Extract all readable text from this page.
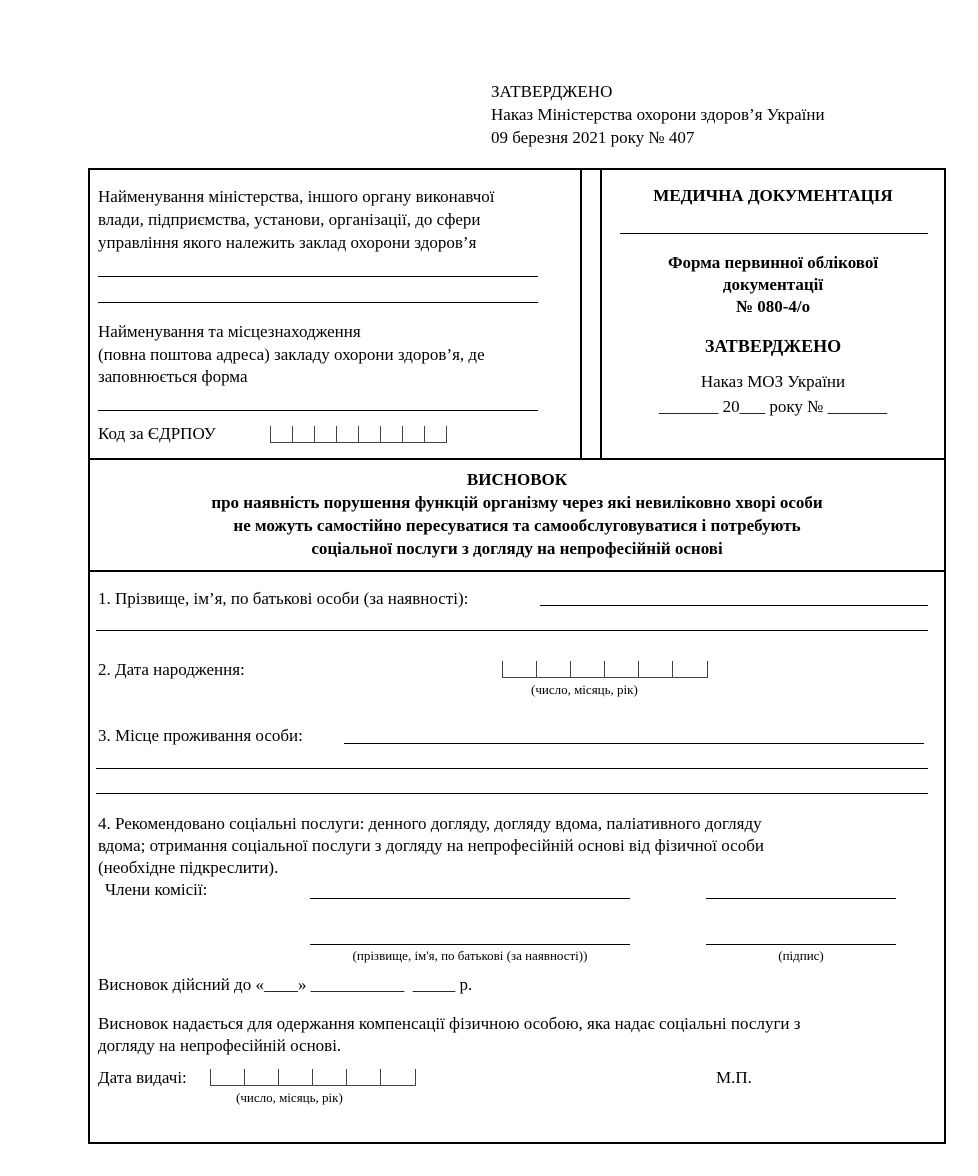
ЗАТВЕРДЖЕНО
Наказ Міністерства охорони здоров’я України
09 березня 2021 року № 407
Найменування міністерства, іншого органу виконавчої
влади, підприємства, установи, організації, до сфери
управління якого належить заклад охорони здоров’я
Найменування та місцезнаходження
(повна поштова адреса) закладу охорони здоров’я, де
заповнюється форма
Код за ЄДРПОУ
МЕДИЧНА ДОКУМЕНТАЦІЯ
Форма первинної облікової
документації
№ 080-4/о
ЗАТВЕРДЖЕНО
Наказ МОЗ України
_______ 20___ року № _______
ВИСНОВОК
про наявність порушення функцій організму через які невиліковно хворі особи
не можуть самостійно пересуватися та самообслуговуватися і потребують
соціальної послуги з догляду на непрофесійній основі
1. Прізвище, ім’я, по батькові особи (за наявності):
2. Дата народження:
(число, місяць, рік)
3. Місце проживання особи:
4. Рекомендовано соціальні послуги: денного догляду, догляду вдома, паліативного догляду
вдома; отримання соціальної послуги з догляду на непрофесійній основі від фізичної особи
(необхідне підкреслити).
Члени комісії:
(прізвище, ім'я, по батькові (за наявності))	(підпис)
Висновок дійсний до «____» ___________  _____ р.
Висновок надається для одержання компенсації фізичною особою, яка надає соціальні послуги з
догляду на непрофесійній основі.
Дата видачі:
(число, місяць, рік)
М.П.
